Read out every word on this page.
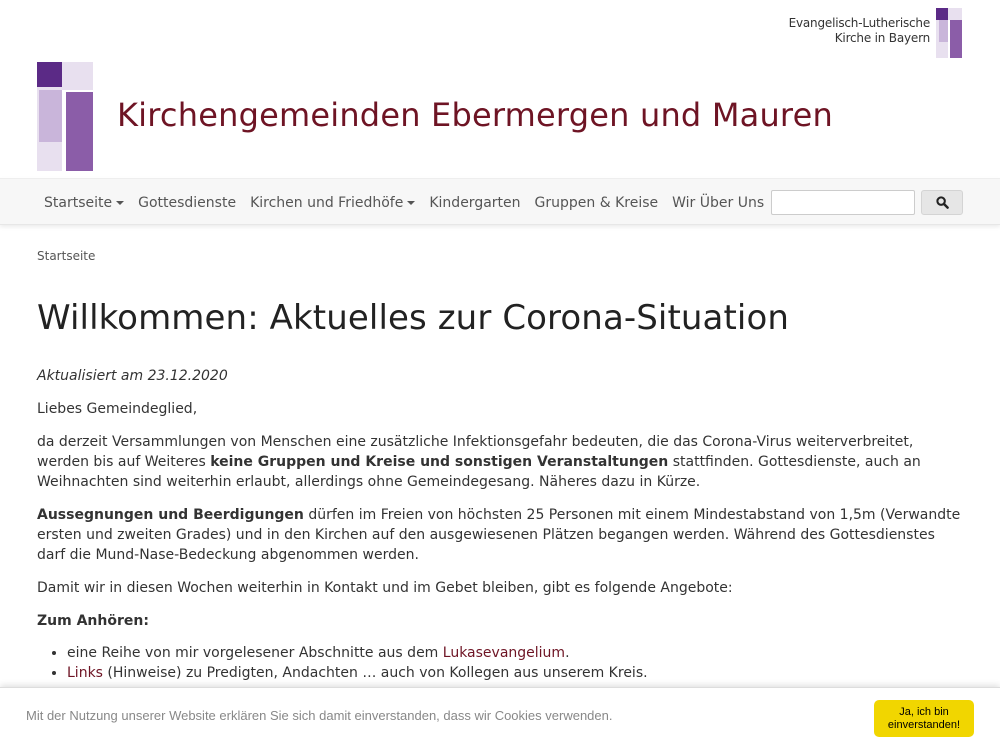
Evangelisch-Lutherische
Kirche in Bayern
Kirchengemeinden Ebermergen und Mauren
Startseite Gottesdienste Kirchen und Friedhöfe Kindergarten Gruppen & Kreise Wir Über Uns
Startseite
Willkommen: Aktuelles zur Corona-Situation

Aktualisiert am 23.12.2020

Liebes Gemeindeglied,

da derzeit Versammlungen von Menschen eine zusätzliche Infektionsgefahr bedeuten, die das Corona-Virus weiterverbreitet, werden bis auf Weiteres keine Gruppen und Kreise und sonstigen Veranstaltungen stattfinden. Gottesdienste, auch an Weihnachten sind weiterhin erlaubt, allerdings ohne Gemeindegesang. Näheres dazu in Kürze.

Aussegnungen und Beerdigungen dürfen im Freien von höchsten 25 Personen mit einem Mindestabstand von 1,5m (Verwandte ersten und zweiten Grades) und in den Kirchen auf den ausgewiesenen Plätzen begangen werden. Während des Gottesdienstes darf die Mund-Nase-Bedeckung abgenommen werden.

Damit wir in diesen Wochen weiterhin in Kontakt und im Gebet bleiben, gibt es folgende Angebote:

Zum Anhören:

• eine Reihe von mir vorgelesener Abschnitte aus dem Lukasevangelium.
• Links (Hinweise) zu Predigten, Andachten … auch von Kollegen aus unserem Kreis.
Mit der Nutzung unserer Website erklären Sie sich damit einverstanden, dass wir Cookies verwenden.	Ja, ich bin
einverstanden!
